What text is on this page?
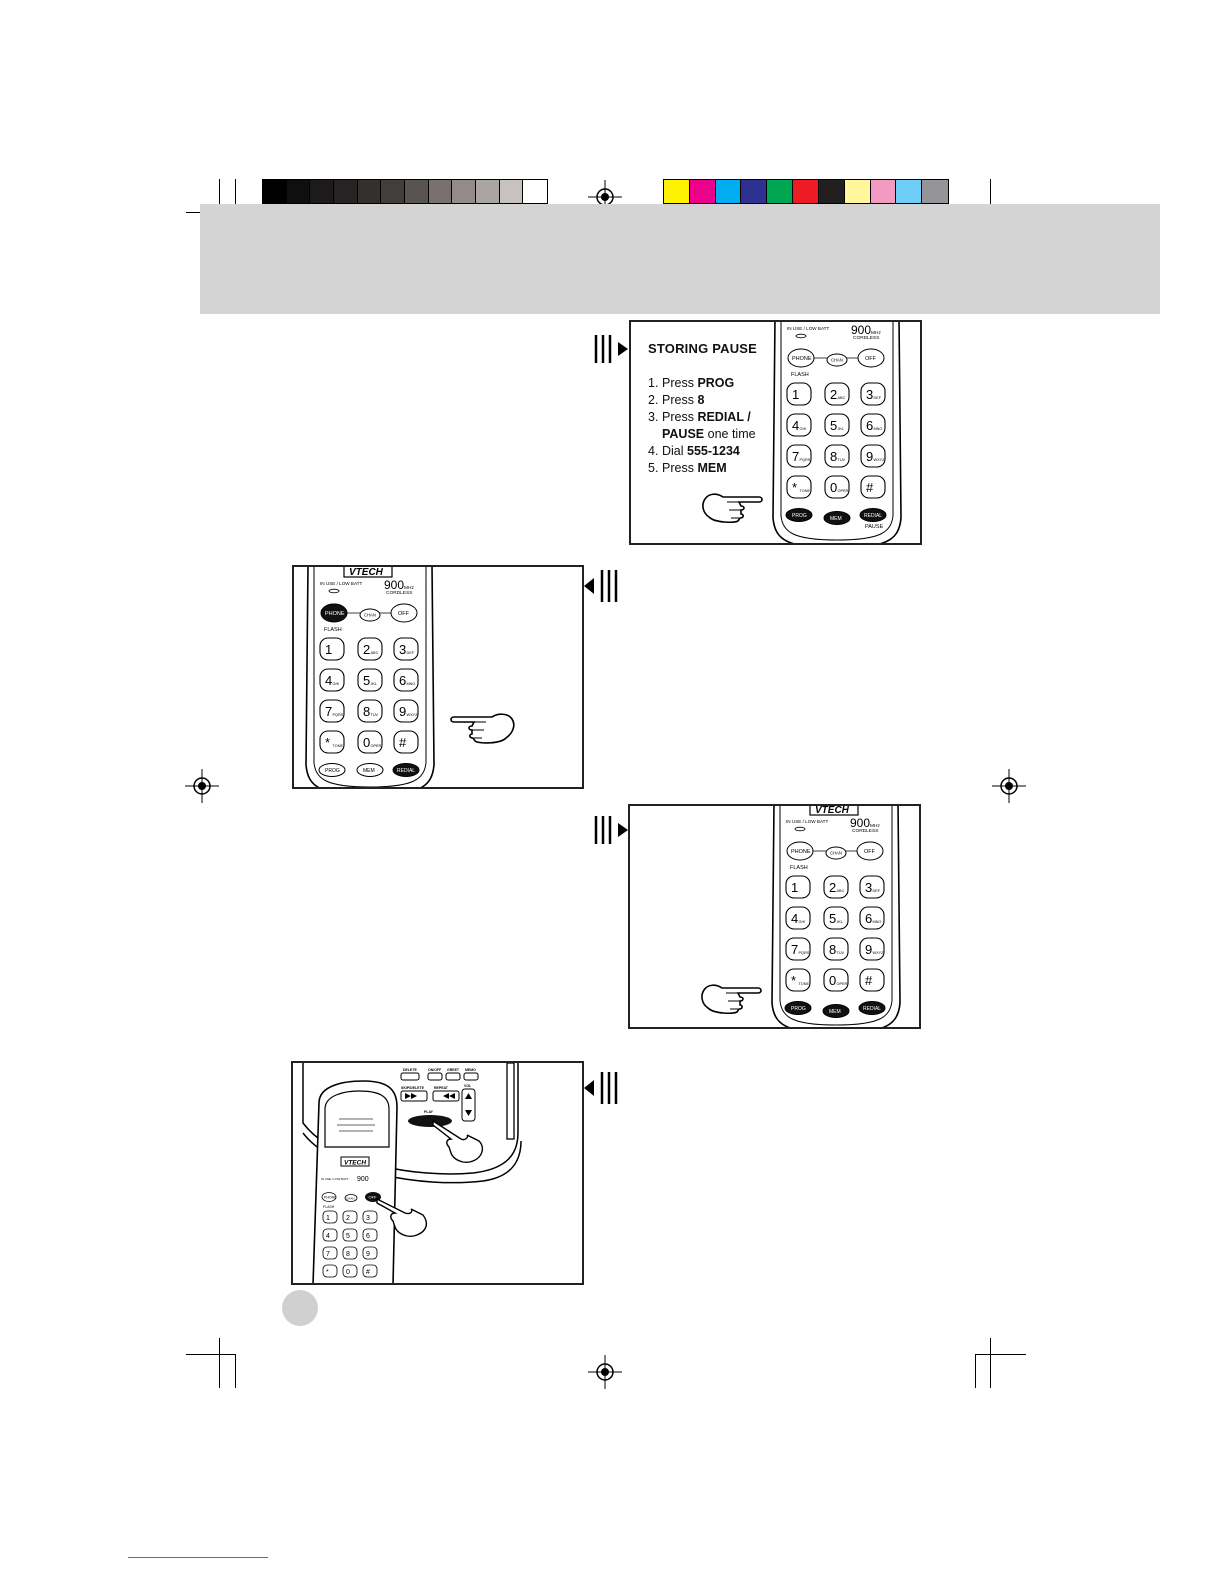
STORING PAUSE
1. Press PROG
2. Press 8
3. Press REDIAL /
PAUSE one time
4. Dial 555-1234
5. Press MEM
IN USE / LOW BATT 900 MHz
CORDLESS
PHONE	CHAN	OFF
FLASH
1 2 ABC 3 DEF
4 GHI 5 JKL 6 MNO
7 PQRS 8 TUV 9 WXYZ
* TONE 0 OPER #
PROG	MEM	REDIAL
PAUSE
VTECH
IN USE / LOW BATT 900 MHz
CORDLESS
PHONE	CHAN	OFF
FLASH
1 2 ABC 3 DEF
4 GHI 5 JKL 6 MNO
7 PQRS 8 TUV 9 WXYZ
* TONE 0 OPER #
PROG	MEM	REDIAL
VTECH
IN USE / LOW BATT 900 MHz
CORDLESS
PHONE	CHAN	OFF
FLASH
1 2 ABC 3 DEF
4 GHI 5 JKL 6 MNO
7 PQRS 8 TUV 9 WXYZ
* TONE 0 OPER #
PROG	MEM	REDIAL
DELETE	ON/OFF GREET MEMO
SKIP/DELETE	REPEAT	VOL
PLAY
VTECH
IN USE / LOW BATT 900
PHONE	CHAN
FLASH
1 2 3
4 5 6
7 8 9
* 0 #
OFF
